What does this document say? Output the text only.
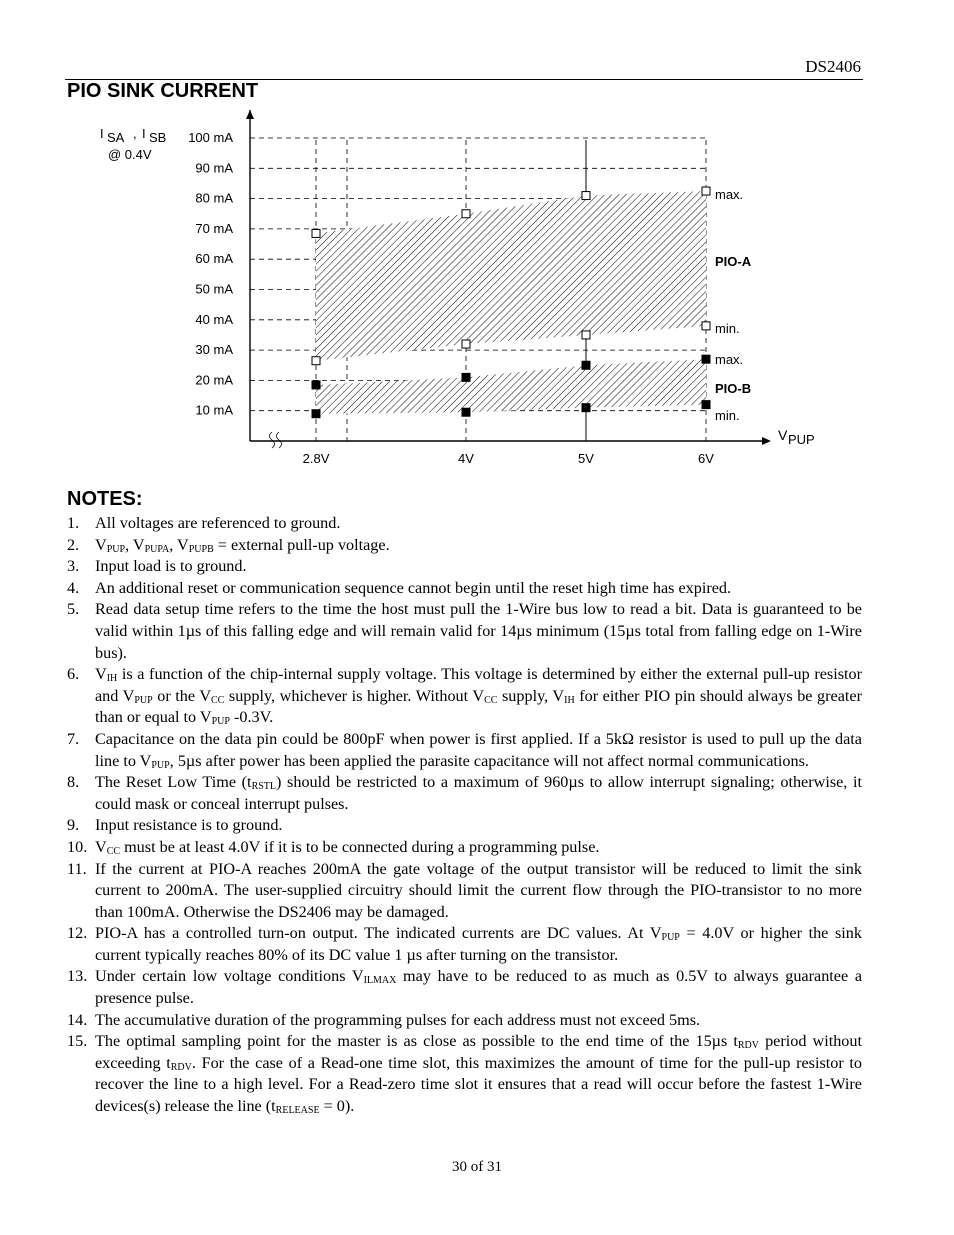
DS2406
PIO SINK CURRENT
100 mA
90 mA
80 mA
70 mA
60 mA
50 mA
40 mA
30 mA
20 mA
10 mA
2.8V	4V	5V	6V
I SA , I SB @ 0.4V
V PUP
max.
PIO-A
min.
max.
PIO-B
min.
NOTES:
1. All voltages are referenced to ground.
2. $V_{PUP}$, $V_{PUPA}$, $V_{PUPB}$ = external pull-up voltage.
3. Input load is to ground.
4. An additional reset or communication sequence cannot begin until the reset high time has expired.
5. Read data setup time refers to the time the host must pull the 1-Wire bus low to read a bit. Data is guaranteed to be valid within 1µs of this falling edge and will remain valid for 14µs minimum (15µs total from falling edge on 1-Wire bus).
6. $V_{IH}$ is a function of the chip-internal supply voltage. This voltage is determined by either the external pull-up resistor and $V_{PUP}$ or the $V_{CC}$ supply, whichever is higher. Without $V_{CC}$ supply, $V_{IH}$ for either PIO pin should always be greater than or equal to $V_{PUP}$ -0.3V.
7. Capacitance on the data pin could be 800pF when power is first applied. If a 5kΩ resistor is used to pull up the data line to $V_{PUP}$, 5µs after power has been applied the parasite capacitance will not affect normal communications.
8. The Reset Low Time $(t_{RSTL})$ should be restricted to a maximum of 960µs to allow interrupt signaling; otherwise, it could mask or conceal interrupt pulses.
9. Input resistance is to ground.
10. $V_{CC}$ must be at least 4.0V if it is to be connected during a programming pulse.
11. If the current at PIO-A reaches 200mA the gate voltage of the output transistor will be reduced to limit the sink current to 200mA. The user-supplied circuitry should limit the current flow through the PIO-transistor to no more than 100mA. Otherwise the DS2406 may be damaged.
12. PIO-A has a controlled turn-on output. The indicated currents are DC values. At $V_{PUP} = 4.0V$ or higher the sink current typically reaches 80% of its DC value 1 µs after turning on the transistor.
13. Under certain low voltage conditions $V_{ILMAX}$ may have to be reduced to as much as 0.5V to always guarantee a presence pulse.
14. The accumulative duration of the programming pulses for each address must not exceed 5ms.
15. The optimal sampling point for the master is as close as possible to the end time of the 15µs $t_{RDV}$ period without exceeding $t_{RDV}$. For the case of a Read-one time slot, this maximizes the amount of time for the pull-up resistor to recover the line to a high level. For a Read-zero time slot it ensures that a read will occur before the fastest 1-Wire devices(s) release the line $(t_{RELEASE} = 0)$.
30 of 31
